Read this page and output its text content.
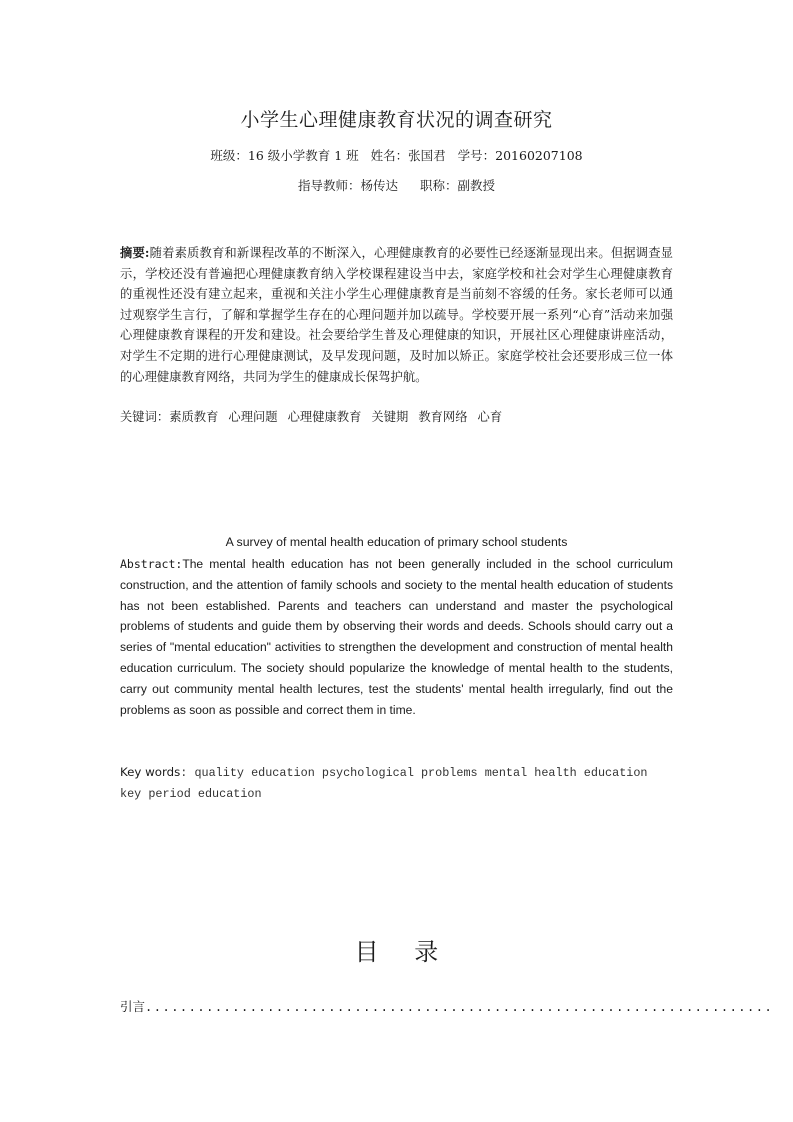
小学生心理健康教育状况的调查研究
班级：16 级小学教育 1 班 姓名：张国君 学号：20160207108
指导教师：杨传达 职称：副教授
摘要:随着素质教育和新课程改革的不断深入，心理健康教育的必要性已经逐渐显现出来。但据调查显示，学校还没有普遍把心理健康教育纳入学校课程建设当中去，家庭学校和社会对学生心理健康教育的重视性还没有建立起来，重视和关注小学生心理健康教育是当前刻不容缓的任务。家长老师可以通过观察学生言行，了解和掌握学生存在的心理问题并加以疏导。学校要开展一系列“心育”活动来加强心理健康教育课程的开发和建设。社会要给学生普及心理健康的知识，开展社区心理健康讲座活动，对学生不定期的进行心理健康测试，及早发现问题，及时加以矫正。家庭学校社会还要形成三位一体的心理健康教育网络，共同为学生的健康成长保驾护航。
关键词：素质教育 心理问题 心理健康教育 关键期 教育网络 心育
A survey of mental health education of primary school students
Abstract:The mental health education has not been generally included in the school curriculum construction, and the attention of family schools and society to the mental health education of students has not been established. Parents and teachers can understand and master the psychological problems of students and guide them by observing their words and deeds. Schools should carry out a series of "mental education" activities to strengthen the development and construction of mental health education curriculum. The society should popularize the knowledge of mental health to the students, carry out community mental health lectures, test the students' mental health irregularly, find out the problems as soon as possible and correct them in time.
Key words: quality education psychological problems mental health education key period education
目 录
引言 ........................................................................
